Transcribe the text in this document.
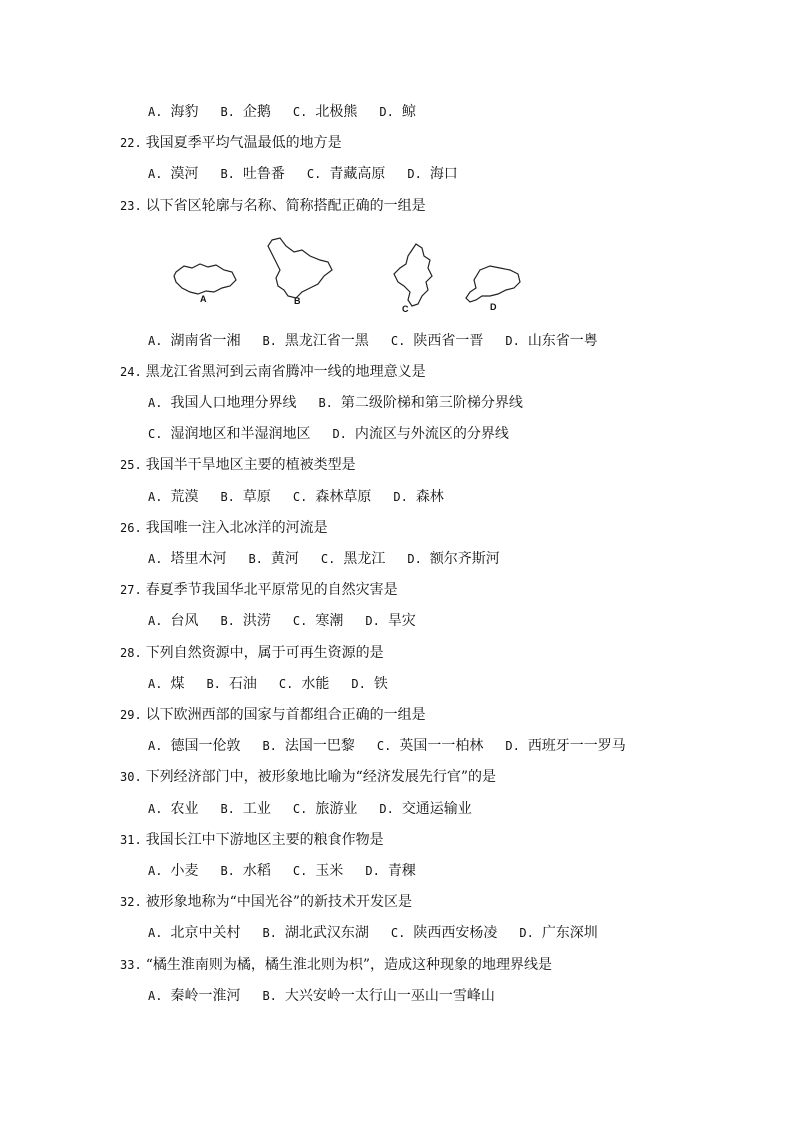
A. 海豹 B. 企鹅 C. 北极熊 D. 鲸
22. 我国夏季平均气温最低的地方是
A. 漠河 B. 吐鲁番 C. 青藏高原 D. 海口
23. 以下省区轮廓与名称、简称搭配正确的一组是
A	B
C	D
A. 湖南省一湘 B. 黑龙江省一黑 C. 陕西省一晋 D. 山东省一粤
24. 黑龙江省黑河到云南省腾冲一线的地理意义是
A. 我国人口地理分界线 B. 第二级阶梯和第三阶梯分界线
C. 湿润地区和半湿润地区 D. 内流区与外流区的分界线
25. 我国半干旱地区主要的植被类型是
A. 荒漠 B. 草原 C. 森林草原 D. 森林
26. 我国唯一注入北冰洋的河流是
A. 塔里木河 B. 黄河 C. 黑龙江 D. 额尔齐斯河
27. 春夏季节我国华北平原常见的自然灾害是
A. 台风 B. 洪涝 C. 寒潮 D. 旱灾
28. 下列自然资源中，属于可再生资源的是
A. 煤 B. 石油 C. 水能 D. 铁
29. 以下欧洲西部的国家与首都组合正确的一组是
A. 德国一伦敦 B. 法国一巴黎 C. 英国一一柏林 D. 西班牙一一罗马
30. 下列经济部门中，被形象地比喻为“经济发展先行官”的是
A. 农业 B. 工业 C. 旅游业 D. 交通运输业
31. 我国长江中下游地区主要的粮食作物是
A. 小麦 B. 水稻 C. 玉米 D. 青稞
32. 被形象地称为“中国光谷”的新技术开发区是
A. 北京中关村 B. 湖北武汉东湖 C. 陕西西安杨凌 D. 广东深圳
33. “橘生淮南则为橘，橘生淮北则为枳”，造成这种现象的地理界线是
A. 秦岭一淮河 B. 大兴安岭一太行山一巫山一雪峰山
